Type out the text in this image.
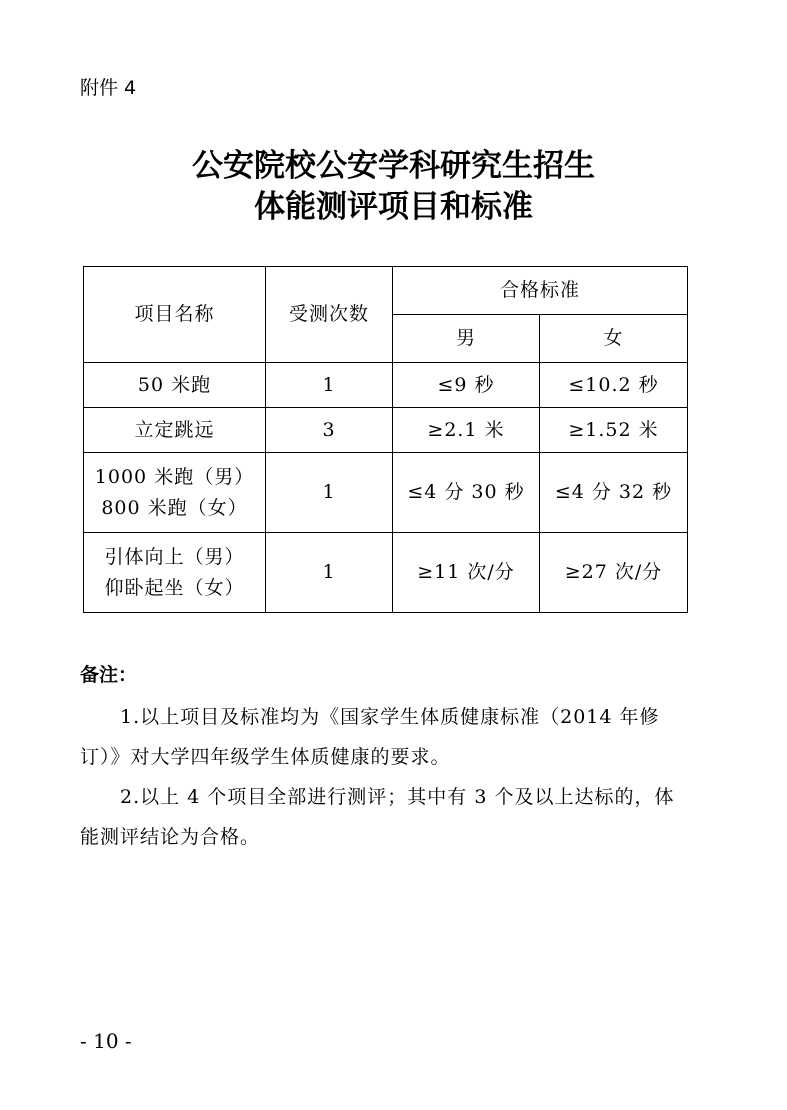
附件 4
公安院校公安学科研究生招生
体能测评项目和标准
项目名称	受测次数	合格标准	
		男	女

50 米跑	1	≤9 秒	≤10.2 秒

立定跳远	3	≥2.1 米	≥1.52 米

1000 米跑（男）
800 米跑（女）	1	≤4 分 30 秒	≤4 分 32 秒

引体向上（男）
仰卧起坐（女）	1	≥11 次/分	≥27 次/分
备注：
1.以上项目及标准均为《国家学生体质健康标准（2014 年修订）》对大学四年级学生体质健康的要求。
2.以上 4 个项目全部进行测评；其中有 3 个及以上达标的，体能测评结论为合格。
- 10 -
